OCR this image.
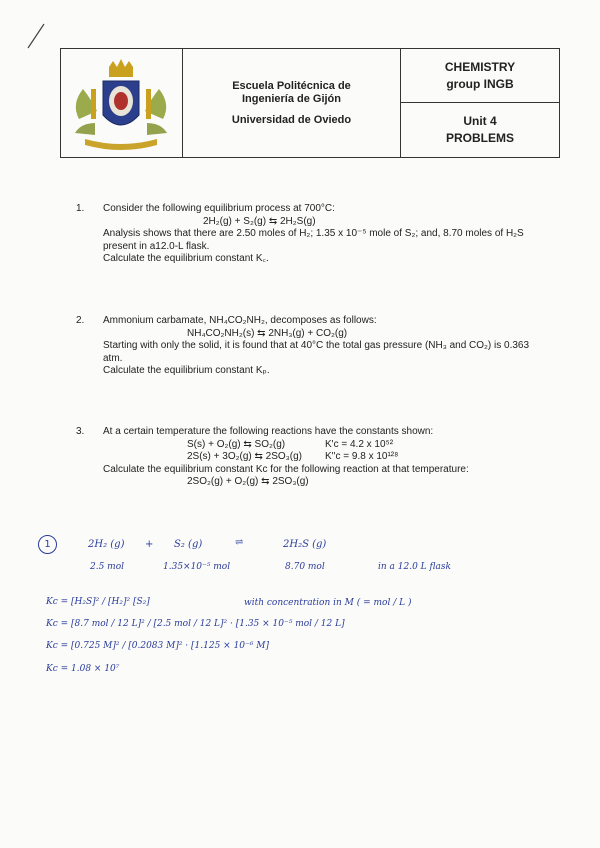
Escuela Politécnica de
Ingeniería de Gijón
Universidad de Oviedo
CHEMISTRY
group INGB
Unit 4
PROBLEMS
1. Consider the following equilibrium process at 700°C:
2H₂(g) + S₂(g) ⇆ 2H₂S(g)
Analysis shows that there are 2.50 moles of H₂; 1.35 x 10⁻⁵ mole of S₂; and, 8.70 moles of H₂S present in a12.0-L flask.
Calculate the equilibrium constant K꜀.
2. Ammonium carbamate, NH₄CO₂NH₂, decomposes as follows:
NH₄CO₂NH₂(s) ⇆ 2NH₃(g) + CO₂(g)
Starting with only the solid, it is found that at 40°C the total gas pressure (NH₃ and CO₂) is 0.363 atm.
Calculate the equilibrium constant Kₚ.
3. At a certain temperature the following reactions have the constants shown:
S(s) + O₂(g) ⇆ SO₂(g)	K'c = 4.2 x 10⁵²
2S(s) + 3O₂(g) ⇆ 2SO₃(g)	K''c = 9.8 x 10¹²⁸
Calculate the equilibrium constant Kc for the following reaction at that temperature:
2SO₂(g) + O₂(g) ⇆ 2SO₃(g)
1	2H₂ (g) + S₂ (g)	⇌	2H₂S (g)
2.5 mol	1.35×10⁻⁵ mol	8.70 mol	in a 12.0 L flask
Kc = [H₂S]² / [H₂]² [S₂]	with concentration in M ( = mol / L )
Kc = [8.7 mol / 12 L]² / [2.5 mol / 12 L]² · [1.35 × 10⁻⁵ mol / 12 L]
Kc = [0.725 M]² / [0.2083 M]² · [1.125 × 10⁻⁶ M]
Kc = 1.08 × 10⁷
